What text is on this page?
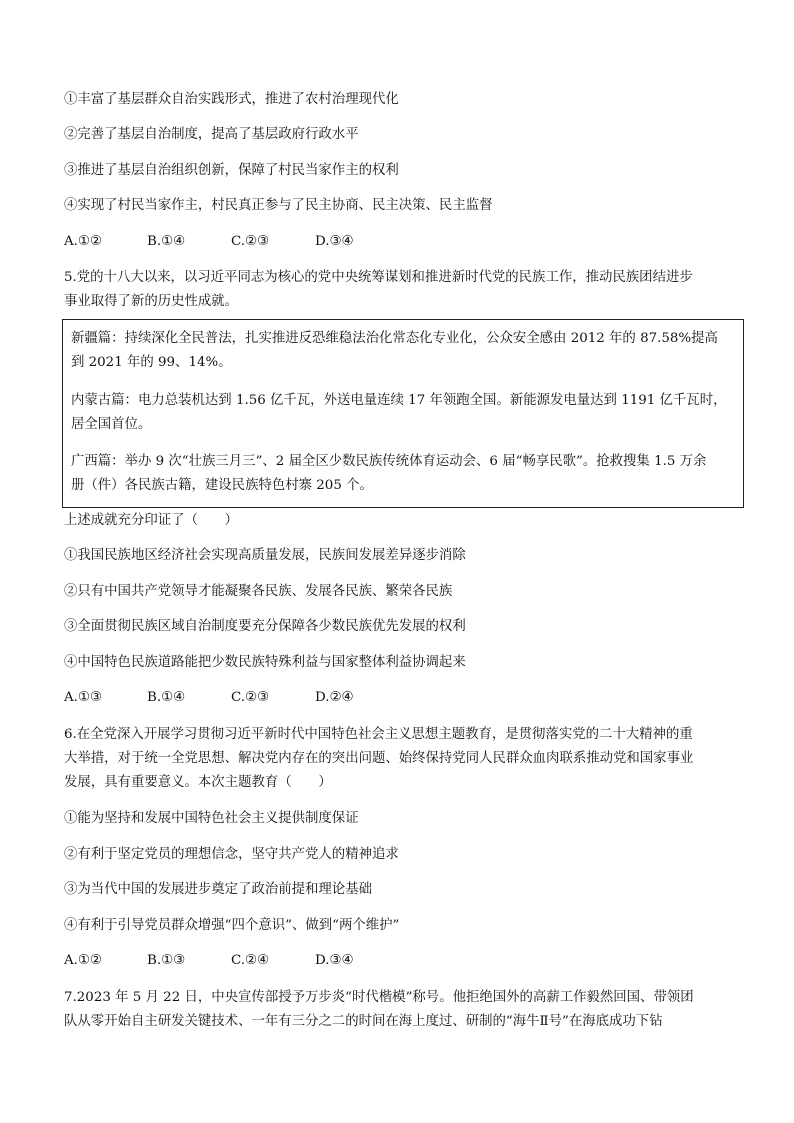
①丰富了基层群众自治实践形式，推进了农村治理现代化
②完善了基层自治制度，提高了基层政府行政水平
③推进了基层自治组织创新，保障了村民当家作主的权利
④实现了村民当家作主，村民真正参与了民主协商、民主决策、民主监督
A.①②	B.①④	C.②③	D.③④
5.党的十八大以来，以习近平同志为核心的党中央统筹谋划和推进新时代党的民族工作，推动民族团结进步
事业取得了新的历史性成就。
新疆篇：持续深化全民普法，扎实推进反恐维稳法治化常态化专业化，公众安全感由 2012 年的 87.58%提高
到 2021 年的 99、14%。
内蒙古篇：电力总装机达到 1.56 亿千瓦，外送电量连续 17 年领跑全国。新能源发电量达到 1191 亿千瓦时，
居全国首位。
广西篇：举办 9 次“壮族三月三”、2 届全区少数民族传统体育运动会、6 届“畅享民歌”。抢救搜集 1.5 万余
册（件）各民族古籍，建设民族特色村寨 205 个。
上述成就充分印证了（　　）
①我国民族地区经济社会实现高质量发展，民族间发展差异逐步消除
②只有中国共产党领导才能凝聚各民族、发展各民族、繁荣各民族
③全面贯彻民族区域自治制度要充分保障各少数民族优先发展的权利
④中国特色民族道路能把少数民族特殊利益与国家整体利益协调起来
A.①③	B.①④	C.②③	D.②④
6.在全党深入开展学习贯彻习近平新时代中国特色社会主义思想主题教育，是贯彻落实党的二十大精神的重
大举措，对于统一全党思想、解决党内存在的突出问题、始终保持党同人民群众血肉联系推动党和国家事业
发展，具有重要意义。本次主题教育（　　）
①能为坚持和发展中国特色社会主义提供制度保证
②有利于坚定党员的理想信念，坚守共产党人的精神追求
③为当代中国的发展进步奠定了政治前提和理论基础
④有利于引导党员群众增强“四个意识”、做到“两个维护”
A.①②	B.①③	C.②④	D.③④
7.2023 年 5 月 22 日，中央宣传部授予万步炎“时代楷模”称号。他拒绝国外的高薪工作毅然回国、带领团
队从零开始自主研发关键技术、一年有三分之二的时间在海上度过、研制的“海牛Ⅱ号”在海底成功下钻
